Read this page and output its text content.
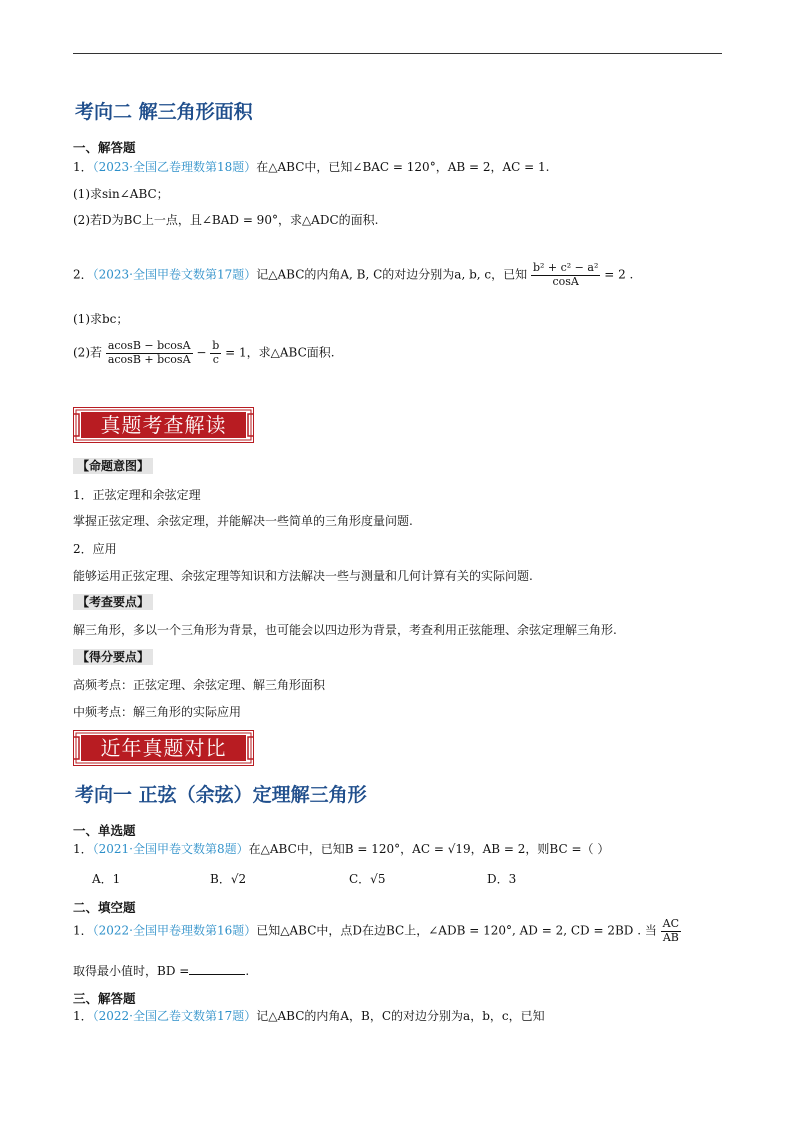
考向二 解三角形面积
一、解答题
1．（2023·全国乙卷理数第18题）在△ABC中，已知∠BAC = 120°，AB = 2，AC = 1.
(1)求sin∠ABC；
(2)若D为BC上一点，且∠BAD = 90°，求△ADC的面积.
2．（2023·全国甲卷文数第17题）记△ABC的内角A, B, C的对边分别为a, b, c，已知 $\frac{\text{b² + c² − a²}}{\cos A} = 2$ .
(1)求bc；
(2)若 $\frac{acosB - bcosA}{acosB + bcosA} - \frac{b}{c} = 1$，求△ABC面积.
真题考查解读
【命题意图】
1．正弦定理和余弦定理
掌握正弦定理、余弦定理，并能解决一些简单的三角形度量问题.
2．应用
能够运用正弦定理、余弦定理等知识和方法解决一些与测量和几何计算有关的实际问题.
【考查要点】
解三角形，多以一个三角形为背景，也可能会以四边形为背景，考查利用正弦能理、余弦定理解三角形.
【得分要点】
高频考点：正弦定理、余弦定理、解三角形面积
中频考点：解三角形的实际应用
近年真题对比
考向一 正弦（余弦）定理解三角形
一、单选题
1．（2021·全国甲卷文数第8题）在△ABC中，已知B = 120°，AC = √19，AB = 2，则BC =（ ）
A．1	B．√2	C．√5	D．3
二、填空题
1．（2022·全国甲卷理数第16题）已知△ABC中，点D在边BC上，∠ADB = 120°, AD = 2, CD = 2BD . 当 $\frac{AC}{AB}$
取得最小值时，BD =	.
三、解答题
1．（2022·全国乙卷文数第17题）记△ABC的内角A，B，C的对边分别为a，b，c，已知
